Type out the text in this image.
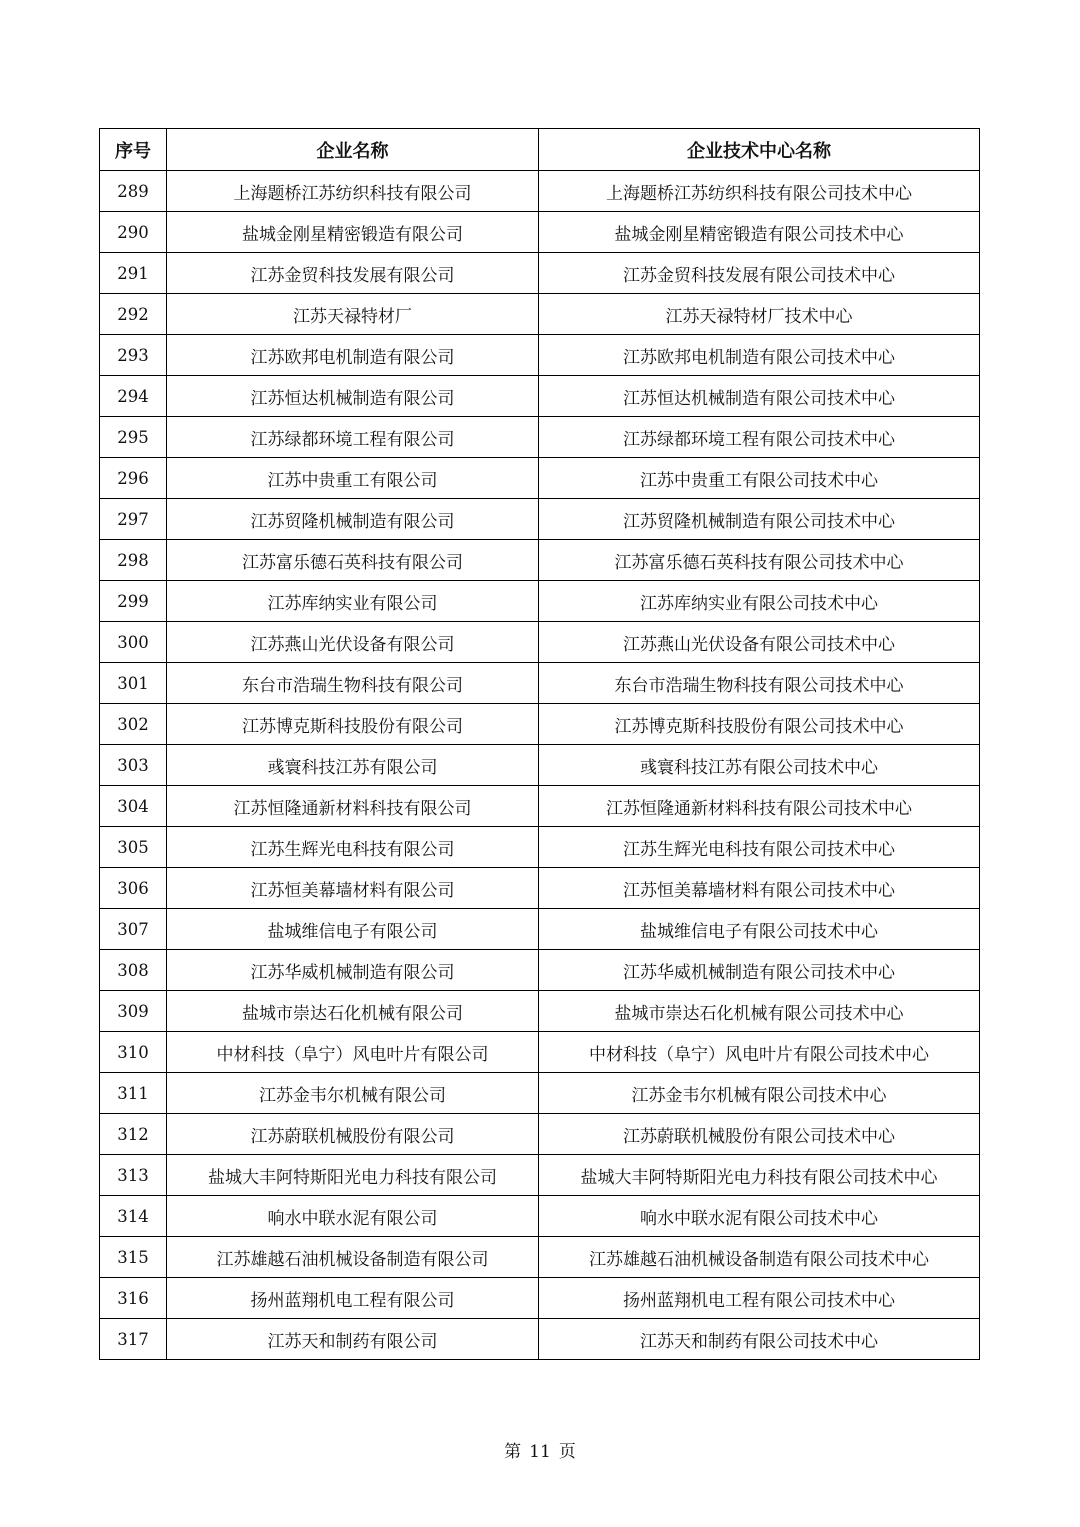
序号	企业名称	企业技术中心名称
289	上海题桥江苏纺织科技有限公司	上海题桥江苏纺织科技有限公司技术中心
290	盐城金刚星精密锻造有限公司	盐城金刚星精密锻造有限公司技术中心
291	江苏金贸科技发展有限公司	江苏金贸科技发展有限公司技术中心
292	江苏天禄特材厂	江苏天禄特材厂技术中心
293	江苏欧邦电机制造有限公司	江苏欧邦电机制造有限公司技术中心
294	江苏恒达机械制造有限公司	江苏恒达机械制造有限公司技术中心
295	江苏绿都环境工程有限公司	江苏绿都环境工程有限公司技术中心
296	江苏中贵重工有限公司	江苏中贵重工有限公司技术中心
297	江苏贸隆机械制造有限公司	江苏贸隆机械制造有限公司技术中心
298	江苏富乐德石英科技有限公司	江苏富乐德石英科技有限公司技术中心
299	江苏库纳实业有限公司	江苏库纳实业有限公司技术中心
300	江苏燕山光伏设备有限公司	江苏燕山光伏设备有限公司技术中心
301	东台市浩瑞生物科技有限公司	东台市浩瑞生物科技有限公司技术中心
302	江苏博克斯科技股份有限公司	江苏博克斯科技股份有限公司技术中心
303	彧寰科技江苏有限公司	彧寰科技江苏有限公司技术中心
304	江苏恒隆通新材料科技有限公司	江苏恒隆通新材料科技有限公司技术中心
305	江苏生辉光电科技有限公司	江苏生辉光电科技有限公司技术中心
306	江苏恒美幕墙材料有限公司	江苏恒美幕墙材料有限公司技术中心
307	盐城维信电子有限公司	盐城维信电子有限公司技术中心
308	江苏华威机械制造有限公司	江苏华威机械制造有限公司技术中心
309	盐城市崇达石化机械有限公司	盐城市崇达石化机械有限公司技术中心
310	中材科技（阜宁）风电叶片有限公司	中材科技（阜宁）风电叶片有限公司技术中心
311	江苏金韦尔机械有限公司	江苏金韦尔机械有限公司技术中心
312	江苏蔚联机械股份有限公司	江苏蔚联机械股份有限公司技术中心
313	盐城大丰阿特斯阳光电力科技有限公司	盐城大丰阿特斯阳光电力科技有限公司技术中心
314	响水中联水泥有限公司	响水中联水泥有限公司技术中心
315	江苏雄越石油机械设备制造有限公司	江苏雄越石油机械设备制造有限公司技术中心
316	扬州蓝翔机电工程有限公司	扬州蓝翔机电工程有限公司技术中心
317	江苏天和制药有限公司	江苏天和制药有限公司技术中心
第 11 页
